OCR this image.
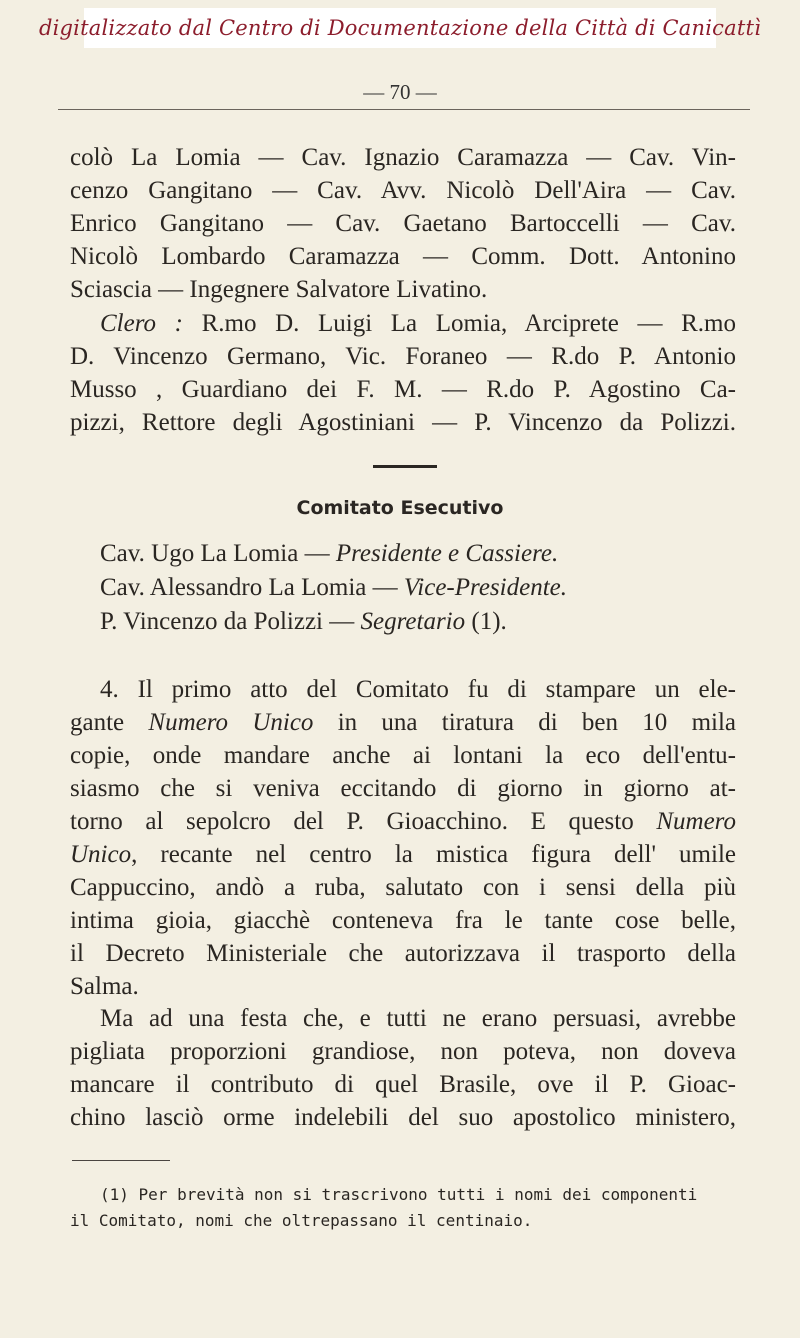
digitalizzato dal Centro di Documentazione della Città di Canicattì
— 70 —
colò La Lomia — Cav. Ignazio Caramazza — Cav. Vin-
cenzo Gangitano — Cav. Avv. Nicolò Dell'Aira — Cav.
Enrico Gangitano — Cav. Gaetano Bartoccelli — Cav.
Nicolò Lombardo Caramazza — Comm. Dott. Antonino
Sciascia — Ingegnere Salvatore Livatino.
Clero : R.mo D. Luigi La Lomia, Arciprete — R.mo
D. Vincenzo Germano, Vic. Foraneo — R.do P. Antonio
Musso , Guardiano dei F. M. — R.do P. Agostino Ca-
pizzi, Rettore degli Agostiniani — P. Vincenzo da Polizzi.
Comitato Esecutivo
Cav. Ugo La Lomia — Presidente e Cassiere.
Cav. Alessandro La Lomia — Vice-Presidente.
P. Vincenzo da Polizzi — Segretario (1).
4. Il primo atto del Comitato fu di stampare un ele-
gante Numero Unico in una tiratura di ben 10 mila
copie, onde mandare anche ai lontani la eco dell'entu-
siasmo che si veniva eccitando di giorno in giorno at-
torno al sepolcro del P. Gioacchino. E questo Numero
Unico, recante nel centro la mistica figura dell' umile
Cappuccino, andò a ruba, salutato con i sensi della più
intima gioia, giacchè conteneva fra le tante cose belle,
il Decreto Ministeriale che autorizzava il trasporto della
Salma.
Ma ad una festa che, e tutti ne erano persuasi, avrebbe
pigliata proporzioni grandiose, non poteva, non doveva
mancare il contributo di quel Brasile, ove il P. Gioac-
chino lasciò orme indelebili del suo apostolico ministero,
(1) Per brevità non si trascrivono tutti i nomi dei componenti
il Comitato, nomi che oltrepassano il centinaio.
